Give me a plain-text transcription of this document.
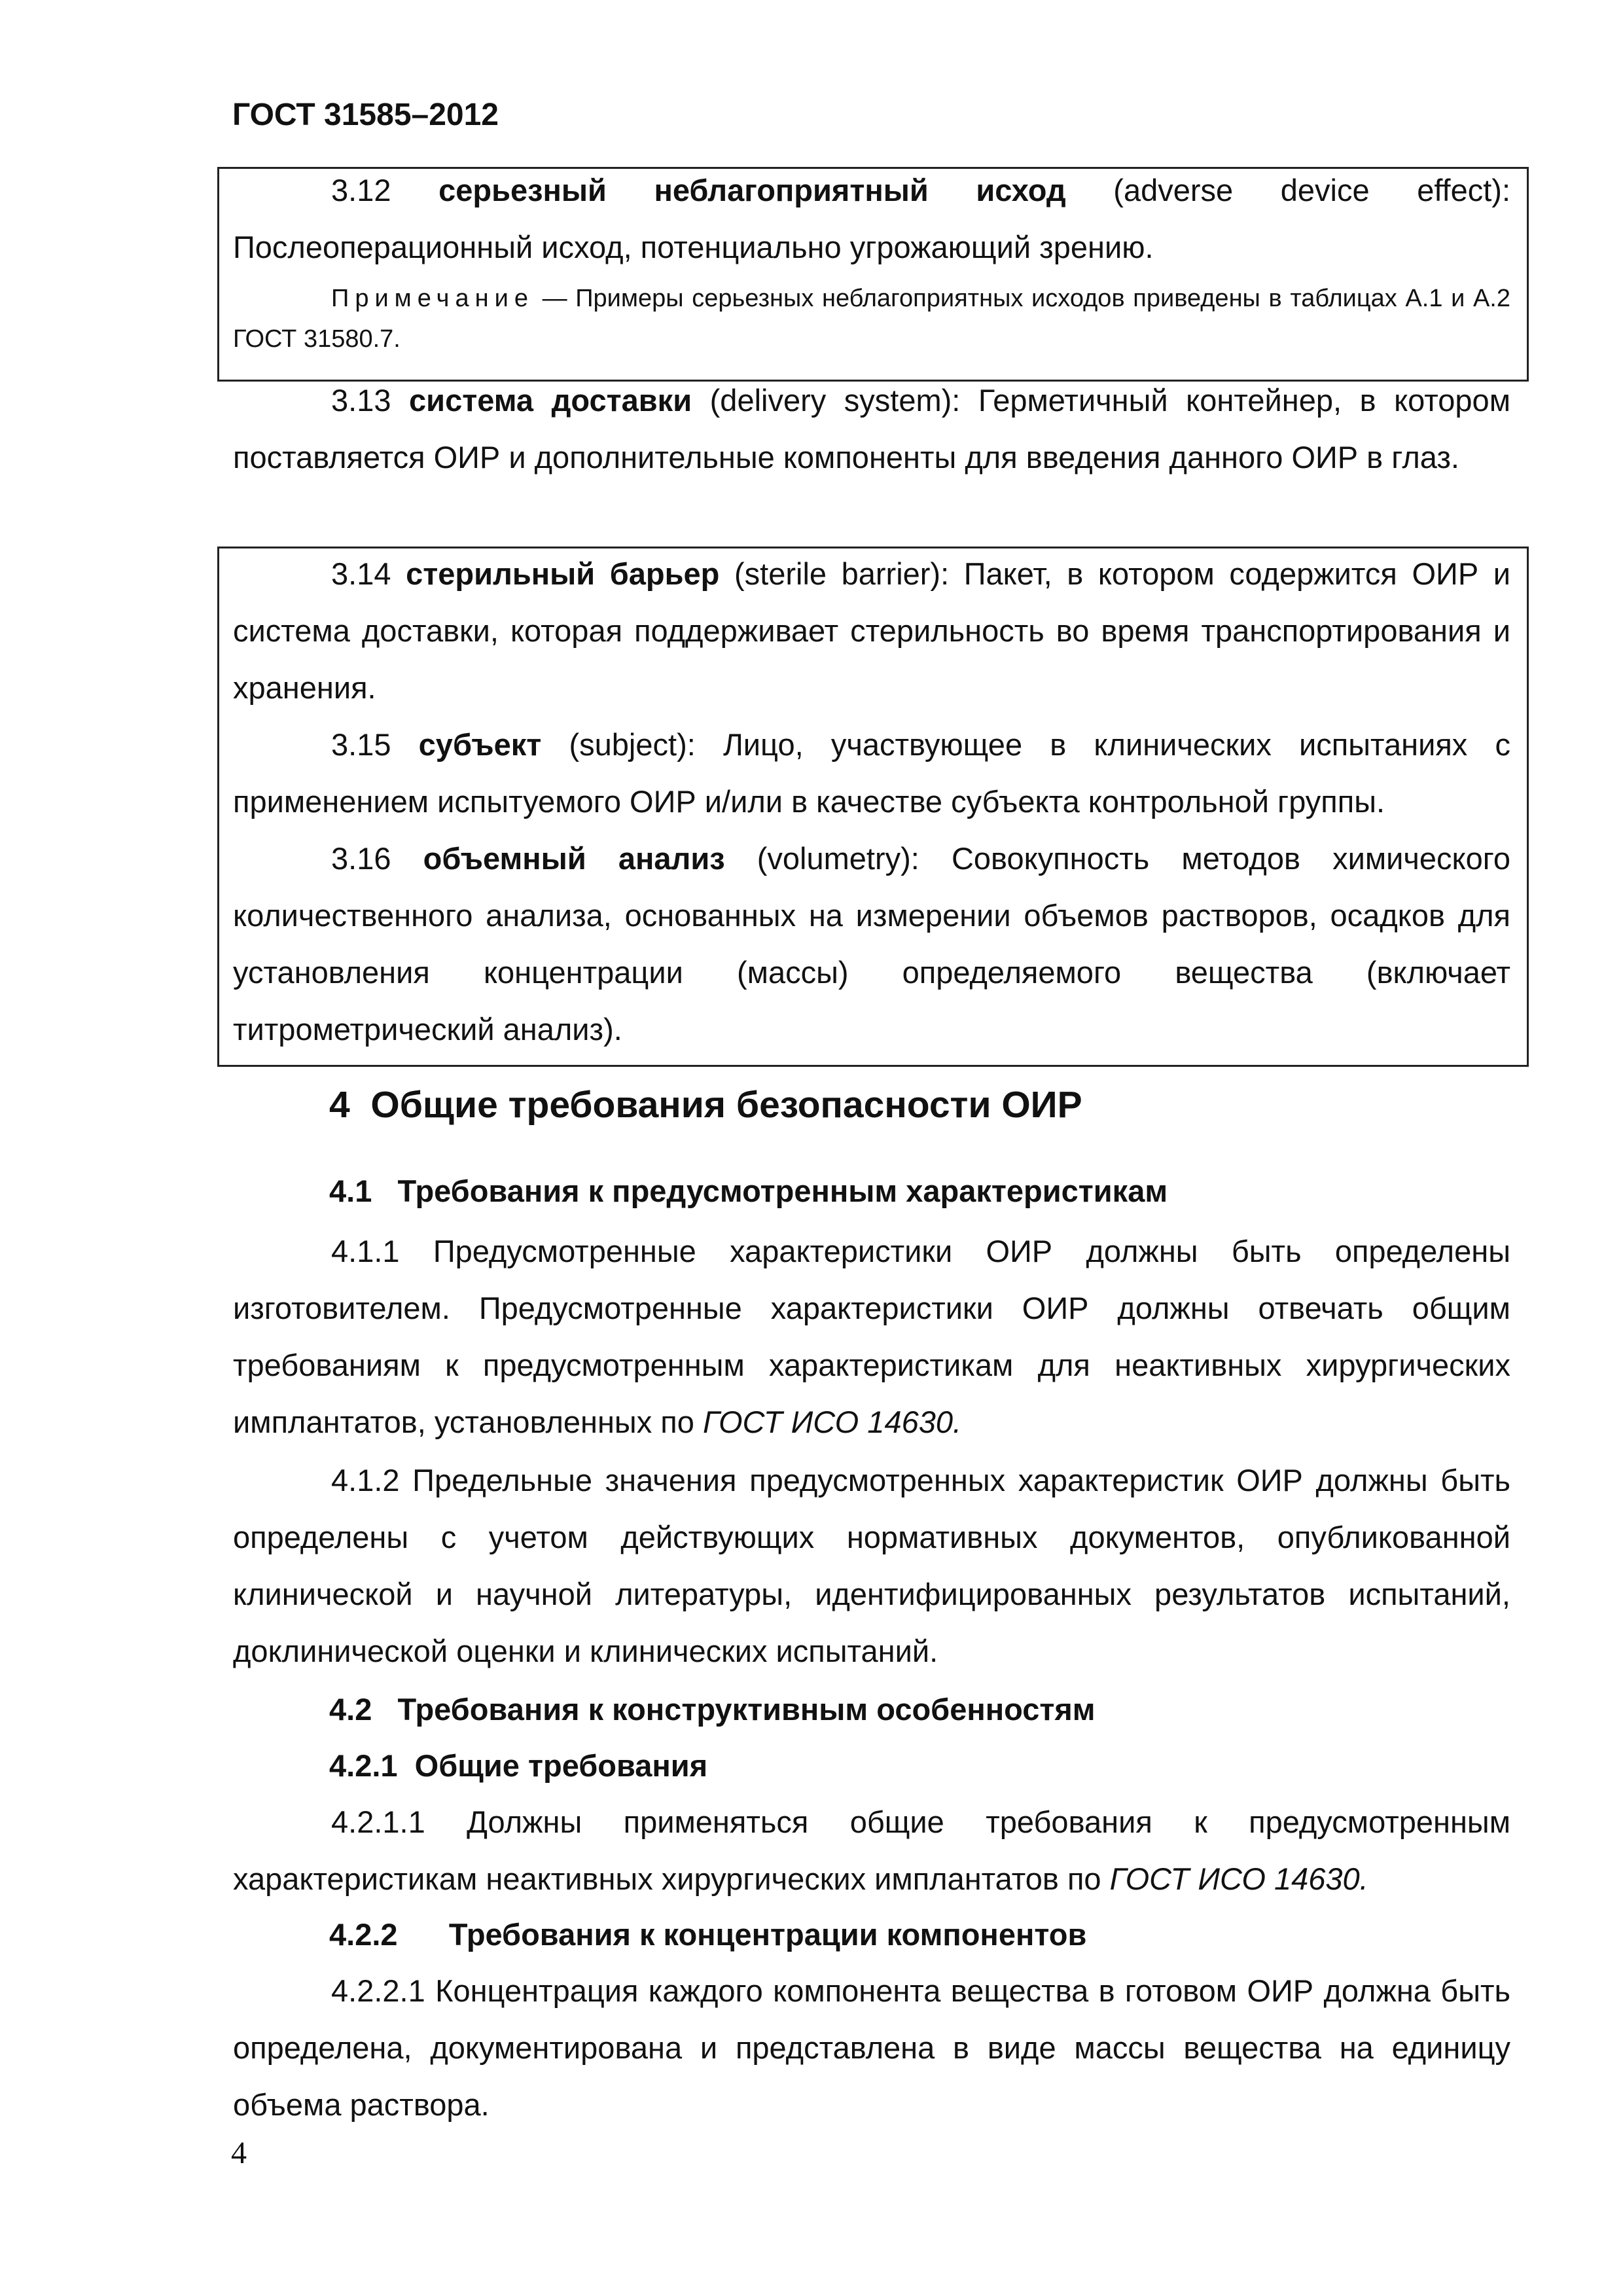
ГОСТ 31585–2012

3.12 серьезный неблагоприятный исход (adverse device effect): Послеоперационный исход, потенциально угрожающий зрению.

Примечание — Примеры серьезных неблагоприятных исходов приведены в таблицах А.1 и А.2 ГОСТ 31580.7.

3.13 система доставки (delivery system): Герметичный контейнер, в котором поставляется ОИР и дополнительные компоненты для введения данного ОИР в глаз.

3.14 стерильный барьер (sterile barrier): Пакет, в котором содержится ОИР и система доставки, которая поддерживает стерильность во время транспортирования и хранения.

3.15 субъект (subject): Лицо, участвующее в клинических испытаниях с применением испытуемого ОИР и/или в качестве субъекта контрольной группы.

3.16 объемный анализ (volumetry): Совокупность методов химического количественного анализа, основанных на измерении объемов растворов, осадков для установления концентрации (массы) определяемого вещества (включает титрометрический анализ).

4 Общие требования безопасности ОИР
4.1 Требования к предусмотренным характеристикам

4.1.1 Предусмотренные характеристики ОИР должны быть определены изготовителем. Предусмотренные характеристики ОИР должны отвечать общим требованиям к предусмотренным характеристикам для неактивных хирургических имплантатов, установленных по ГОСТ ИСО 14630.

4.1.2 Предельные значения предусмотренных характеристик ОИР должны быть определены с учетом действующих нормативных документов, опубликованной клинической и научной литературы, идентифицированных результатов испытаний, доклинической оценки и клинических испытаний.

4.2 Требования к конструктивным особенностям
4.2.1 Общие требования

4.2.1.1 Должны применяться общие требования к предусмотренным характеристикам неактивных хирургических имплантатов по ГОСТ ИСО 14630.

4.2.2 Требования к концентрации компонентов

4.2.2.1 Концентрация каждого компонента вещества в готовом ОИР должна быть определена, документирована и представлена в виде массы вещества на единицу объема раствора.

4
